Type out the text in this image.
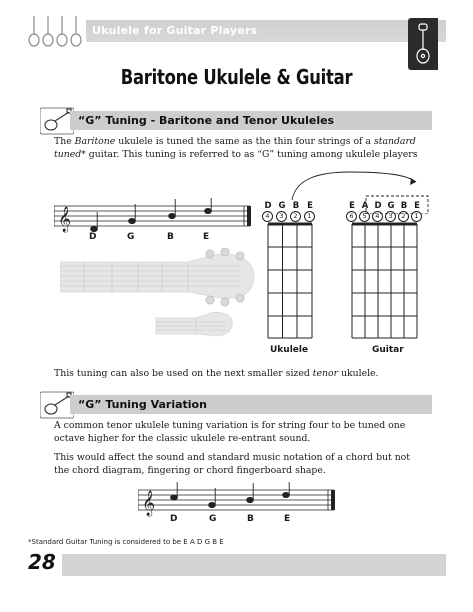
Ukulele for Guitar Players
Baritone Ukulele & Guitar
“G” Tuning - Baritone and Tenor Ukuleles
The Baritone ukulele is tuned the same as the thin four strings of a standard tuned* guitar. This tuning is referred to as “G” tuning among ukulele players
𝄞
D	G	B	E
D G B E
4	3	2	1
Ukulele
E A D G B E
6	5	4	3	2	1
Guitar
This tuning can also be used on the next smaller sized tenor ukulele.
“G” Tuning Variation
A common tenor ukulele tuning variation is for string four to be tuned one octave higher for the classic ukulele re-entrant sound.
This would affect the sound and standard music notation of a chord but not the chord diagram, fingering or chord fingerboard shape.
𝄞
D	G	B	E
*Standard Guitar Tuning is considered to be E A D G B E
28
